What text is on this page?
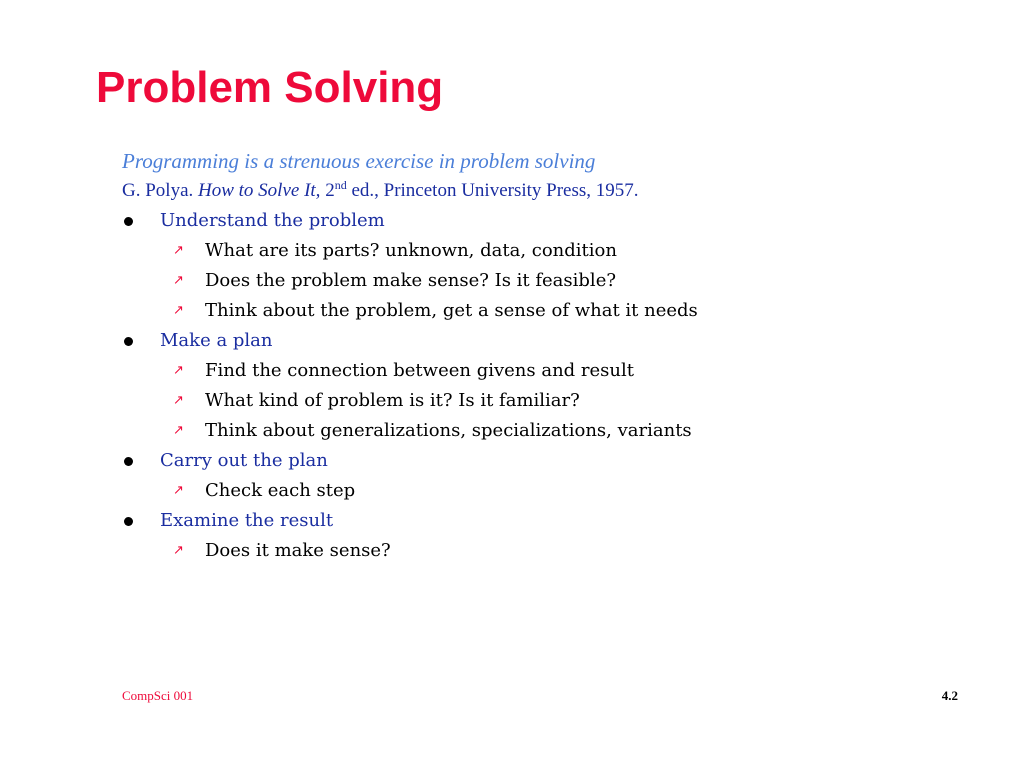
Problem Solving
Programming is a strenuous exercise in problem solving
G. Polya. How to Solve It, 2nd ed., Princeton University Press, 1957.
Understand the problem
↗ What are its parts? unknown, data, condition
↗ Does the problem make sense? Is it feasible?
↗ Think about the problem, get a sense of what it needs
Make a plan
↗ Find the connection between givens and result
↗ What kind of problem is it? Is it familiar?
↗ Think about generalizations, specializations, variants
Carry out the plan
↗ Check each step
Examine the result
↗ Does it make sense?
CompSci 001	4.2
